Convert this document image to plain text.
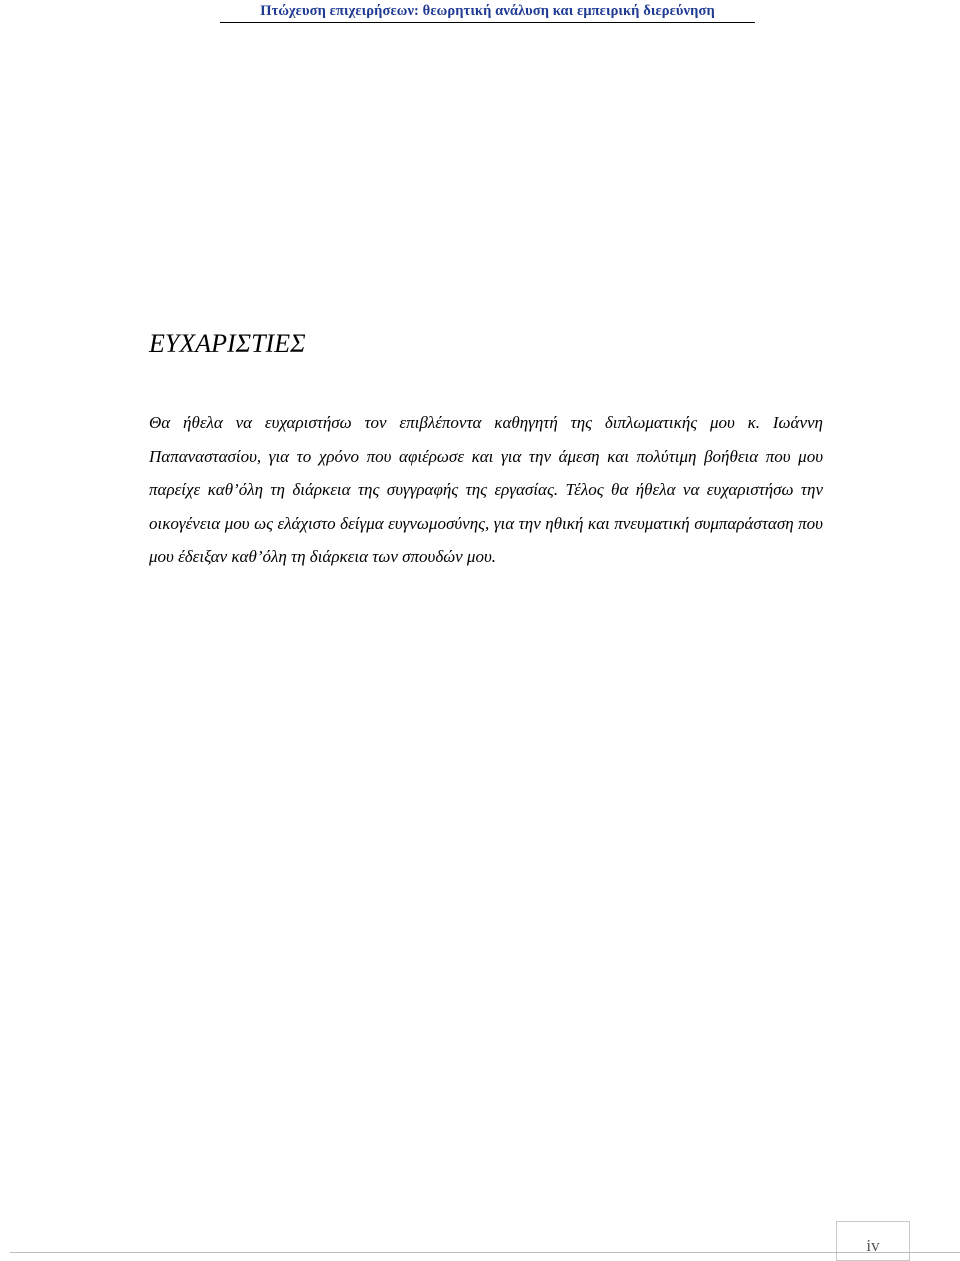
Πτώχευση επιχειρήσεων: θεωρητική ανάλυση και εμπειρική διερεύνηση
ΕΥΧΑΡΙΣΤΙΕΣ

Θα ήθελα να ευχαριστήσω τον επιβλέποντα καθηγητή της διπλωματικής μου κ. Ιωάννη Παπαναστασίου, για το χρόνο που αφιέρωσε και για την άμεση και πολύτιμη βοήθεια που μου παρείχε καθ’όλη τη διάρκεια της συγγραφής της εργασίας. Τέλος θα ήθελα να ευχαριστήσω την οικογένεια μου ως ελάχιστο δείγμα ευγνωμοσύνης, για την ηθική και πνευματική συμπαράσταση που μου έδειξαν καθ’όλη τη διάρκεια των σπουδών μου.

iv
